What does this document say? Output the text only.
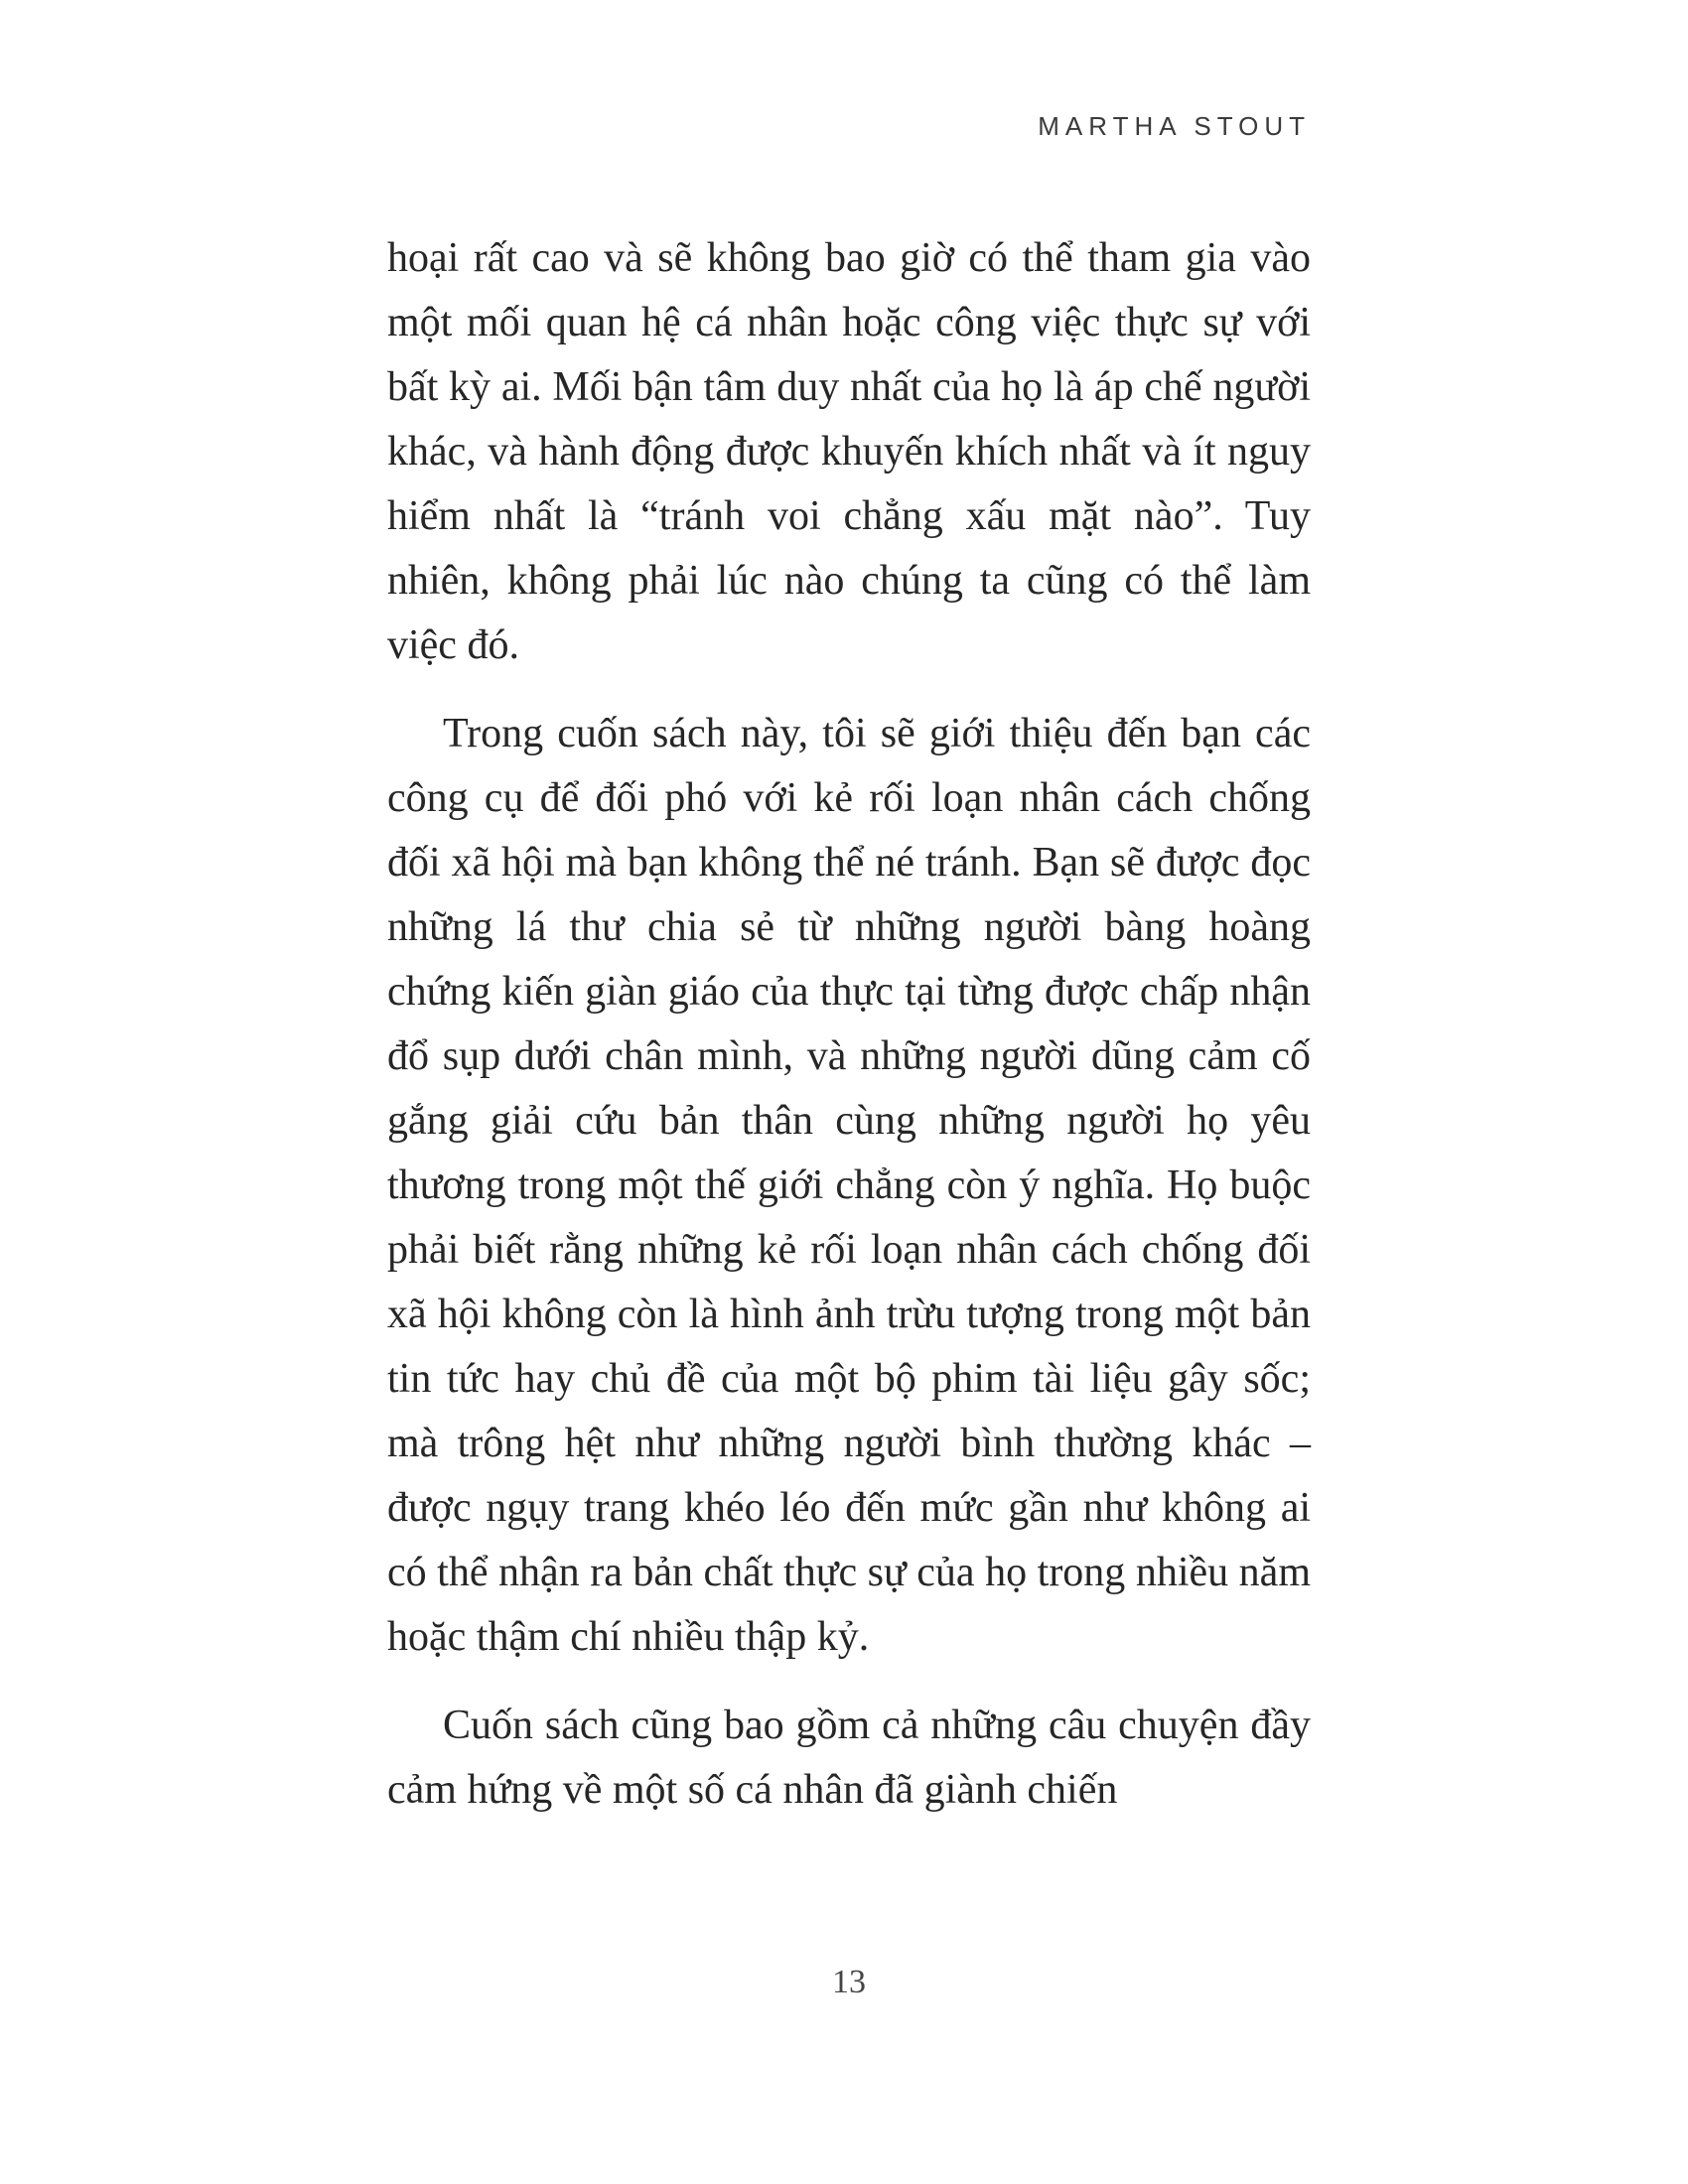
MARTHA STOUT

hoại rất cao và sẽ không bao giờ có thể tham gia vào một mối quan hệ cá nhân hoặc công việc thực sự với bất kỳ ai. Mối bận tâm duy nhất của họ là áp chế người khác, và hành động được khuyến khích nhất và ít nguy hiểm nhất là “tránh voi chẳng xấu mặt nào”. Tuy nhiên, không phải lúc nào chúng ta cũng có thể làm việc đó.

Trong cuốn sách này, tôi sẽ giới thiệu đến bạn các công cụ để đối phó với kẻ rối loạn nhân cách chống đối xã hội mà bạn không thể né tránh. Bạn sẽ được đọc những lá thư chia sẻ từ những người bàng hoàng chứng kiến giàn giáo của thực tại từng được chấp nhận đổ sụp dưới chân mình, và những người dũng cảm cố gắng giải cứu bản thân cùng những người họ yêu thương trong một thế giới chẳng còn ý nghĩa. Họ buộc phải biết rằng những kẻ rối loạn nhân cách chống đối xã hội không còn là hình ảnh trừu tượng trong một bản tin tức hay chủ đề của một bộ phim tài liệu gây sốc; mà trông hệt như những người bình thường khác – được ngụy trang khéo léo đến mức gần như không ai có thể nhận ra bản chất thực sự của họ trong nhiều năm hoặc thậm chí nhiều thập kỷ.

Cuốn sách cũng bao gồm cả những câu chuyện đầy cảm hứng về một số cá nhân đã giành chiến

13
